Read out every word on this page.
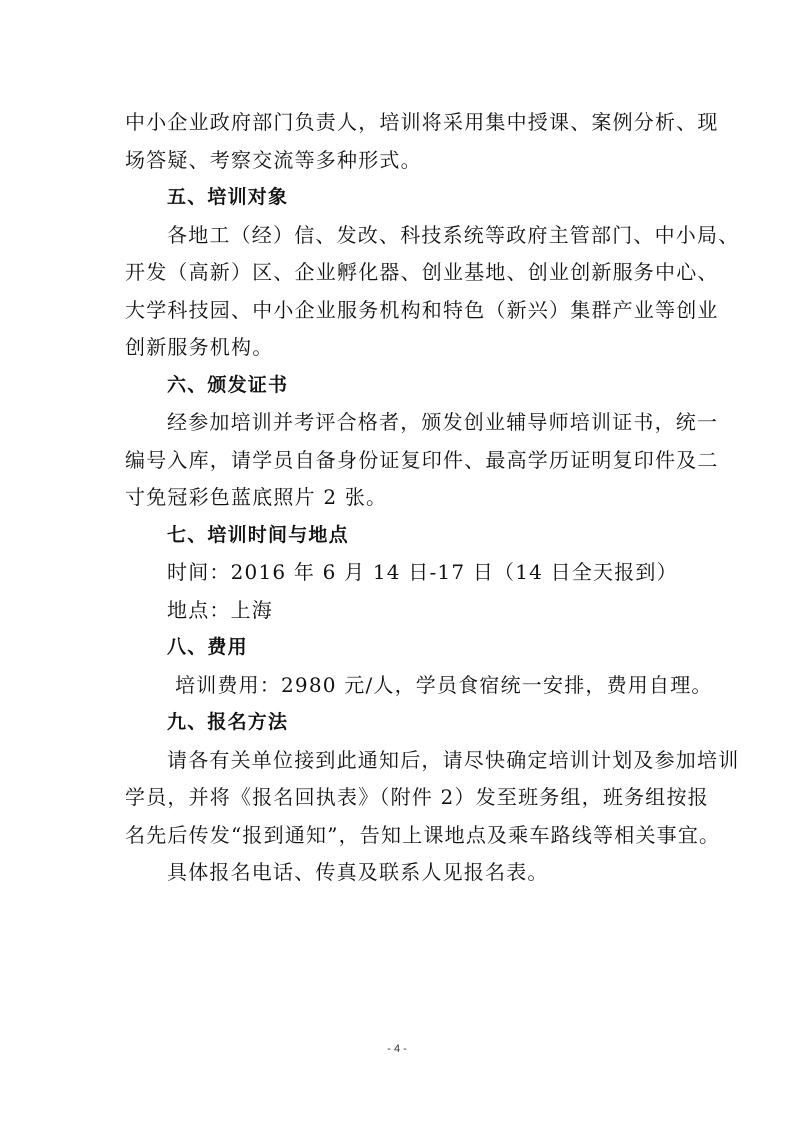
中小企业政府部门负责人，培训将采用集中授课、案例分析、现
场答疑、考察交流等多种形式。
五、培训对象
各地工（经）信、发改、科技系统等政府主管部门、中小局、
开发（高新）区、企业孵化器、创业基地、创业创新服务中心、
大学科技园、中小企业服务机构和特色（新兴）集群产业等创业
创新服务机构。
六、颁发证书
经参加培训并考评合格者，颁发创业辅导师培训证书，统一
编号入库，请学员自备身份证复印件、最高学历证明复印件及二
寸免冠彩色蓝底照片 2 张。
七、培训时间与地点
时间：2016 年 6 月 14 日-17 日（14 日全天报到）
地点：上海
八、费用
培训费用：2980 元/人，学员食宿统一安排，费用自理。
九、报名方法
请各有关单位接到此通知后，请尽快确定培训计划及参加培训
学员，并将《报名回执表》（附件 2）发至班务组，班务组按报
名先后传发“报到通知”，告知上课地点及乘车路线等相关事宜。
具体报名电话、传真及联系人见报名表。
- 4 -
